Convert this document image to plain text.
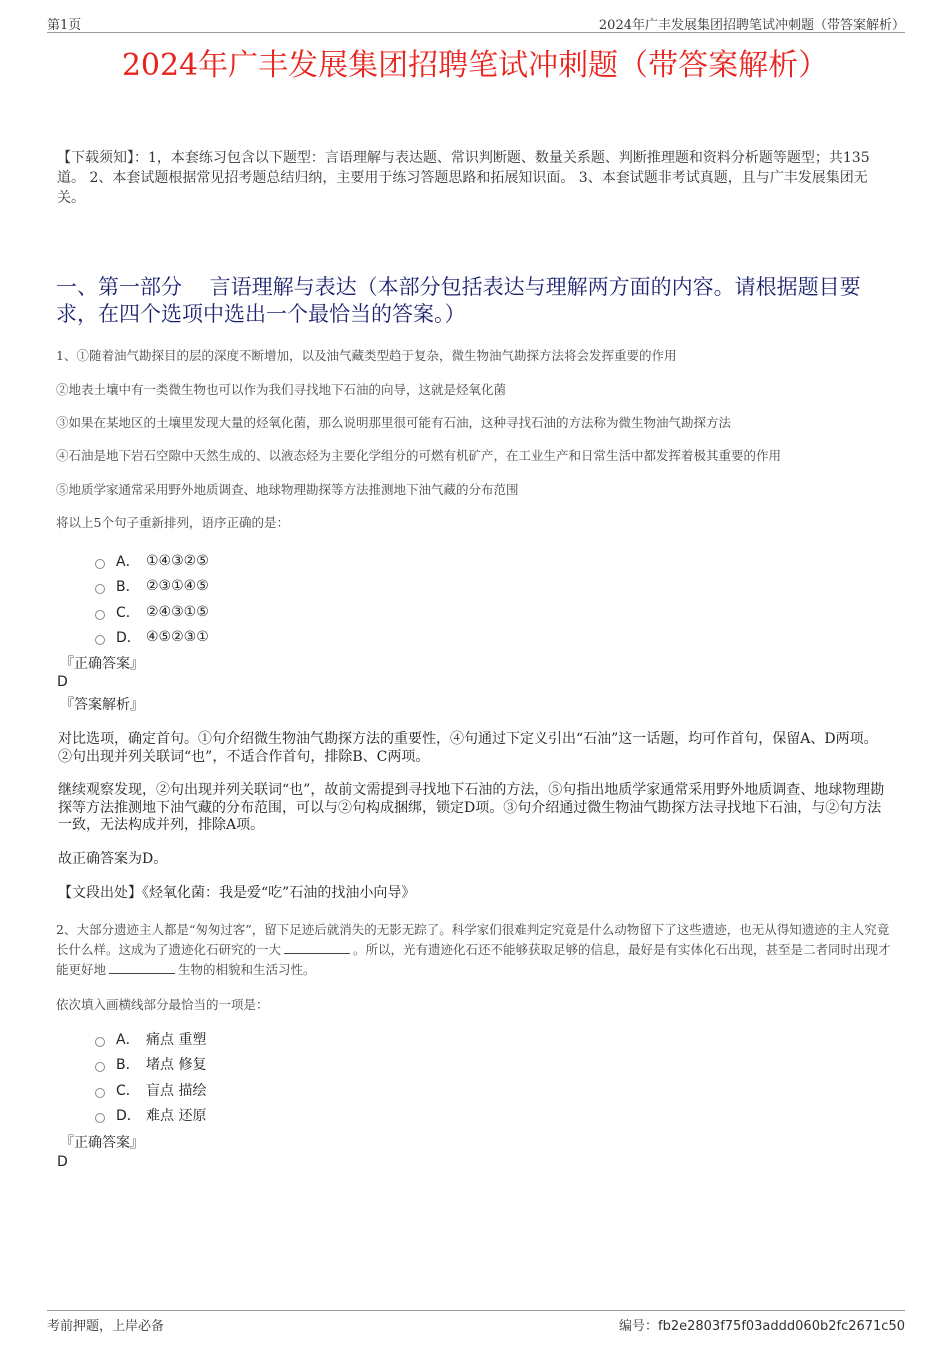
第1页	2024年广丰发展集团招聘笔试冲刺题（带答案解析）
2024年广丰发展集团招聘笔试冲刺题（带答案解析）

【下载须知】：1，本套练习包含以下题型：言语理解与表达题、常识判断题、数量关系题、判断推理题和资料分析题等题型；共135道。 2、本套试题根据常见招考题总结归纳，主要用于练习答题思路和拓展知识面。 3、本套试题非考试真题，且与广丰发展集团无关。

一、第一部分　 言语理解与表达（本部分包括表达与理解两方面的内容。请根据题目要求，在四个选项中选出一个最恰当的答案。）

1、①随着油气勘探目的层的深度不断增加，以及油气藏类型趋于复杂，微生物油气勘探方法将会发挥重要的作用

②地表土壤中有一类微生物也可以作为我们寻找地下石油的向导，这就是烃氧化菌

③如果在某地区的土壤里发现大量的烃氧化菌，那么说明那里很可能有石油，这种寻找石油的方法称为微生物油气勘探方法

④石油是地下岩石空隙中天然生成的、以液态烃为主要化学组分的可燃有机矿产，在工业生产和日常生活中都发挥着极其重要的作用

⑤地质学家通常采用野外地质调查、地球物理勘探等方法推测地下油气藏的分布范围

将以上5个句子重新排列，语序正确的是：

A． ①④③②⑤
B． ②③①④⑤
C． ②④③①⑤
D． ④⑤②③①
『正确答案』
D
『答案解析』

对比选项，确定首句。①句介绍微生物油气勘探方法的重要性，④句通过下定义引出“石油”这一话题，均可作首句，保留A、D两项。②句出现并列关联词“也”，不适合作首句，排除B、C两项。

继续观察发现，②句出现并列关联词“也”，故前文需提到寻找地下石油的方法，⑤句指出地质学家通常采用野外地质调查、地球物理勘探等方法推测地下油气藏的分布范围，可以与②句构成捆绑，锁定D项。③句介绍通过微生物油气勘探方法寻找地下石油，与②句方法一致，无法构成并列，排除A项。

故正确答案为D。

【文段出处】《烃氧化菌：我是爱“吃”石油的找油小向导》

2、大部分遗迹主人都是“匆匆过客”，留下足迹后就消失的无影无踪了。科学家们很难判定究竟是什么动物留下了这些遗迹，也无从得知遗迹的主人究竟长什么样。这成为了遗迹化石研究的一大	。所以，光有遗迹化石还不能够获取足够的信息，最好是有实体化石出现，甚至是二者同时出现才能更好地	生物的相貌和生活习性。

依次填入画横线部分最恰当的一项是：

A． 痛点 重塑
B． 堵点 修复
C． 盲点 描绘
D． 难点 还原
『正确答案』
D
考前押题，上岸必备	编号：fb2e2803f75f03addd060b2fc2671c50
